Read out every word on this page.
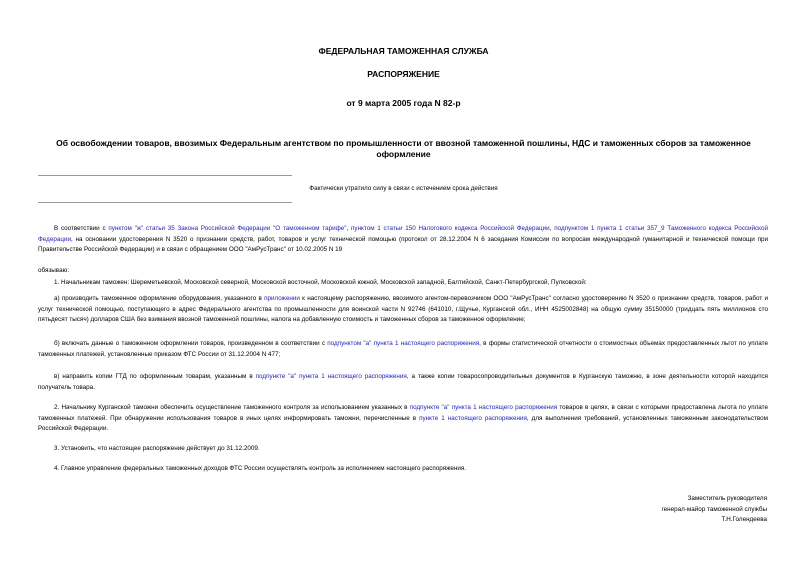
ФЕДЕРАЛЬНАЯ ТАМОЖЕННАЯ СЛУЖБА
РАСПОРЯЖЕНИЕ
от 9 марта 2005 года N 82-р
Об освобождении товаров, ввозимых Федеральным агентством по промышленности от ввозной таможенной пошлины, НДС и таможенных сборов за таможенное оформление
Фактически утратило силу в связи с истечением срока действия
В соответствии с пунктом "ж" статьи 35 Закона Российской Федерации "О таможенном тарифе", пунктом 1 статьи 150 Налогового кодекса Российской Федерации, подпунктом 1 пункта 1 статьи 357_9 Таможенного кодекса Российской Федерации, на основании удостоверения N 3520 о признании средств, работ, товаров и услуг технической помощью (протокол от 28.12.2004 N 6 заседания Комиссии по вопросам международной гуманитарной и технической помощи при Правительстве Российской Федерации) и в связи с обращением ООО "АмРусТранс" от 10.02.2005 N 19
обязываю:
1. Начальникам таможен: Шереметьевской, Московской северной, Московской восточной, Московской южной, Московской западной, Балтийской, Санкт-Петербургской, Пулковской:
а) производить таможенное оформление оборудования, указанного в приложении к настоящему распоряжению, ввозимого агентом-перевозчиком ООО "АмРусТранс" согласно удостоверению N 3520 о признании средств, товаров, работ и услуг технической помощью, поступающего в адрес Федерального агентства по промышленности для воинской части N 92746 (641010, г.Щучье, Курганской обл., ИНН 4525002848) на общую сумму 35150000 (тридцать пять миллионов сто пятьдесят тысяч) долларов США без взимания ввозной таможенной пошлины, налога на добавленную стоимость и таможенных сборов за таможенное оформление;
б) включать данные о таможенном оформлении товаров, произведенном в соответствии с подпунктом "а" пункта 1 настоящего распоряжения, в формы статистической отчетности о стоимостных объемах предоставленных льгот по уплате таможенных платежей, установленные приказом ФТС России от 31.12.2004 N 477;
в) направить копии ГТД по оформленным товарам, указанным в подпункте "а" пункта 1 настоящего распоряжения, а также копии товаросопроводительных документов в Курганскую таможню, в зоне деятельности которой находится получатель товара.
2. Начальнику Курганской таможни обеспечить осуществление таможенного контроля за использованием указанных в подпункте "а" пункта 1 настоящего распоряжения товаров в целях, в связи с которыми предоставлена льгота по уплате таможенных платежей. При обнаружении использования товаров в иных целях информировать таможни, перечисленные в пункте 1 настоящего распоряжения, для выполнения требований, установленных таможенным законодательством Российской Федерации.
3. Установить, что настоящее распоряжение действует до 31.12.2009.
4. Главное управление федеральных таможенных доходов ФТС России осуществлять контроль за исполнением настоящего распоряжения.
Заместитель руководителя
генерал-майор таможенной службы
Т.Н.Голендеева
